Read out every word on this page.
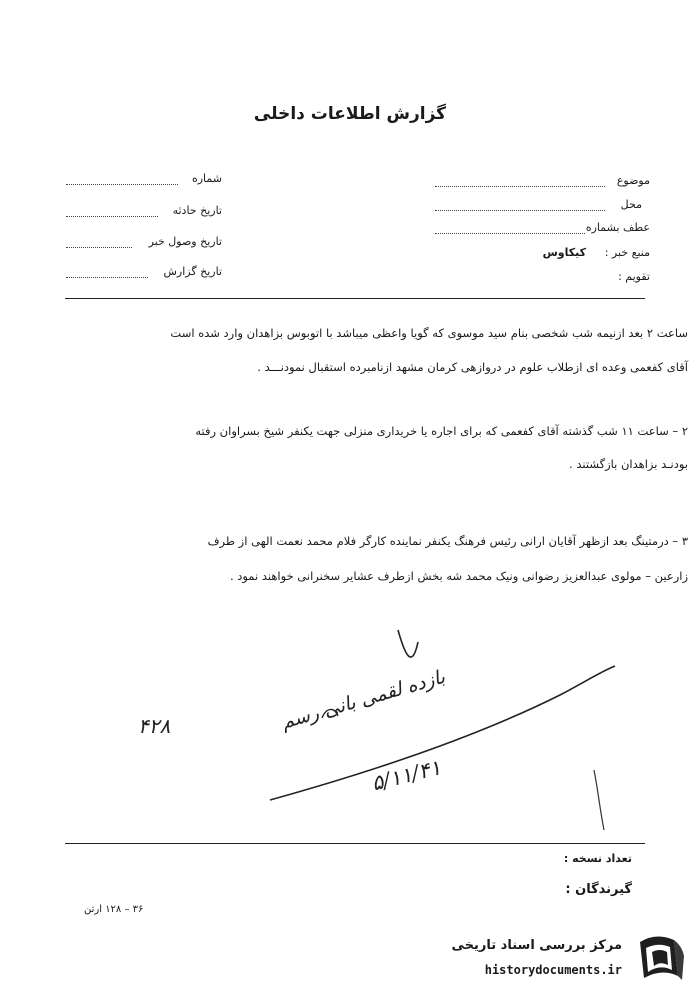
گزارش اطلاعات داخلی
موضوع
محل
عطف بشماره
منبع خبر :
کیکاوس
تقویم :
شماره
تاریخ حادثه
تاریخ وصول خبر
تاریخ گزارش
ساعت ۲ بعد ازنیمه شب شخصی بنام سید موسوی که گویا واعظی میباشد با اتوبوس بزاهدان وارد شده است
آقای کفعمی وعده ای ازطلاب علوم در دروازهی کرمان مشهد ازنامبرده استقبال نمودنـــد .
۲ – ساعت ۱۱ شب گذشته آقای کفعمی که برای اجاره یا خریداری منزلی جهت یکنفر شیخ بسراوان رفته
بودنـد بزاهدان بازگشتند .
۳ – درمتینگ بعد ازظهر آقایان ارانی رئیس فرهنگ یکنفر نماینده کارگر فلام محمد نعمت الهی از طرف
زارعین – مولوی عبدالعزیز رضوانی ونیک محمد شه بخش ازطرف عشایر سخنرانی خواهند نمود .
۴۲۸	بازده لقمی بانی رسم
۵/۱۱/۴۱
تعداد نسخه :
گیرندگان :
۳۶ – ۱۲۸ ارتن
مرکز بررسی اسناد تاریخی
historydocuments.ir
